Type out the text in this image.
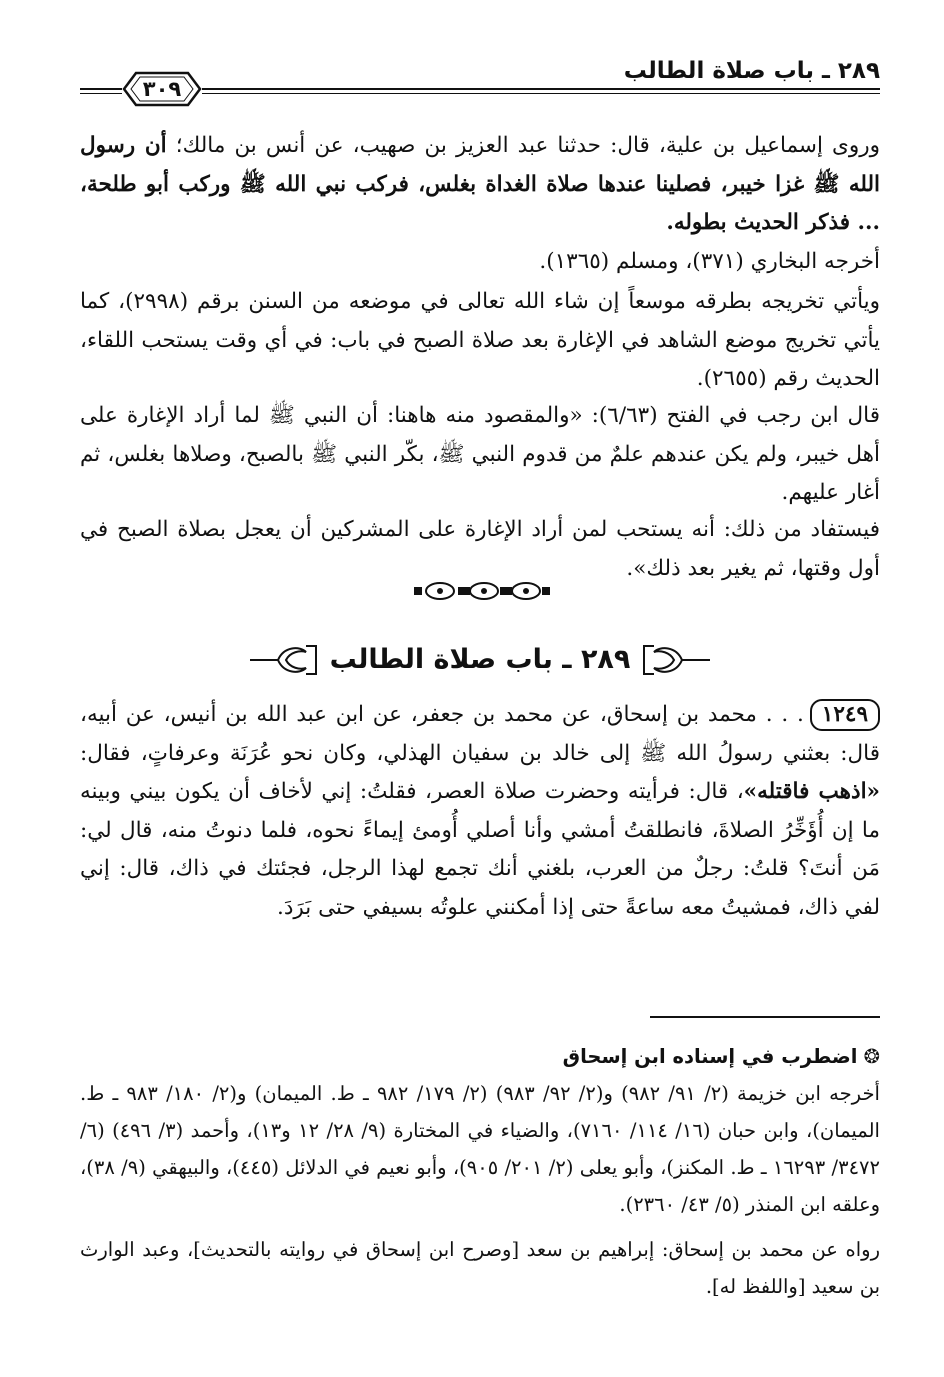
٢٨٩ ـ باب صلاة الطالب
٣٠٩

وروى إسماعيل بن علية، قال: حدثنا عبد العزيز بن صهيب، عن أنس بن مالك؛ أن رسول الله ﷺ غزا خيبر، فصلينا عندها صلاة الغداة بغلس، فركب نبي الله ﷺ وركب أبو طلحة، ... فذكر الحديث بطوله.

أخرجه البخاري (٣٧١)، ومسلم (١٣٦٥).

ويأتي تخريجه بطرقه موسعاً إن شاء الله تعالى في موضعه من السنن برقم (٢٩٩٨)، كما يأتي تخريج موضع الشاهد في الإغارة بعد صلاة الصبح في باب: في أي وقت يستحب اللقاء، الحديث رقم (٢٦٥٥).

قال ابن رجب في الفتح (٦/٦٣): «والمقصود منه هاهنا: أن النبي ﷺ لما أراد الإغارة على أهل خيبر، ولم يكن عندهم علمٌ من قدوم النبي ﷺ، بكّر النبي ﷺ بالصبح، وصلاها بغلس، ثم أغار عليهم.

فيستفاد من ذلك: أنه يستحب لمن أراد الإغارة على المشركين أن يعجل بصلاة الصبح في أول وقتها، ثم يغير بعد ذلك».

٢٨٩ ـ باب صلاة الطالب

١٢٤٩. . . محمد بن إسحاق، عن محمد بن جعفر، عن ابن عبد الله بن أنيس، عن أبيه، قال: بعثني رسولُ الله ﷺ إلى خالد بن سفيان الهذلي، وكان نحو عُرَنَة وعرفاتٍ، فقال: «اذهب فاقتله»، قال: فرأيته وحضرت صلاة العصر، فقلتُ: إني لأخاف أن يكون بيني وبينه ما إن أُؤَخِّرُ الصلاةَ، فانطلقتُ أمشي وأنا أصلي أُومئ إيماءً نحوه، فلما دنوتُ منه، قال لي: مَن أنتَ؟ قلتُ: رجلٌ من العرب، بلغني أنك تجمع لهذا الرجل، فجئتك في ذاك، قال: إني لفي ذاك، فمشيتُ معه ساعةً حتى إذا أمكنني علوتُه بسيفي حتى بَرَدَ.

❂ اضطرب في إسناده ابن إسحاق

أخرجه ابن خزيمة (٢/ ٩١/ ٩٨٢) و(٢/ ٩٢/ ٩٨٣) (٢/ ١٧٩/ ٩٨٢ ـ ط. الميمان) و(٢/ ١٨٠/ ٩٨٣ ـ ط. الميمان)، وابن حبان (١٦/ ١١٤/ ٧١٦٠)، والضياء في المختارة (٩/ ٢٨/ ١٢ و١٣)، وأحمد (٣/ ٤٩٦) (٦/ ٣٤٧٢/ ١٦٢٩٣ ـ ط. المكنز)، وأبو يعلى (٢/ ٢٠١/ ٩٠٥)، وأبو نعيم في الدلائل (٤٤٥)، والبيهقي (٩/ ٣٨)، وعلقه ابن المنذر (٥/ ٤٣/ ٢٣٦٠).

رواه عن محمد بن إسحاق: إبراهيم بن سعد [وصرح ابن إسحاق في روايته بالتحديث]، وعبد الوارث بن سعيد [واللفظ له].
